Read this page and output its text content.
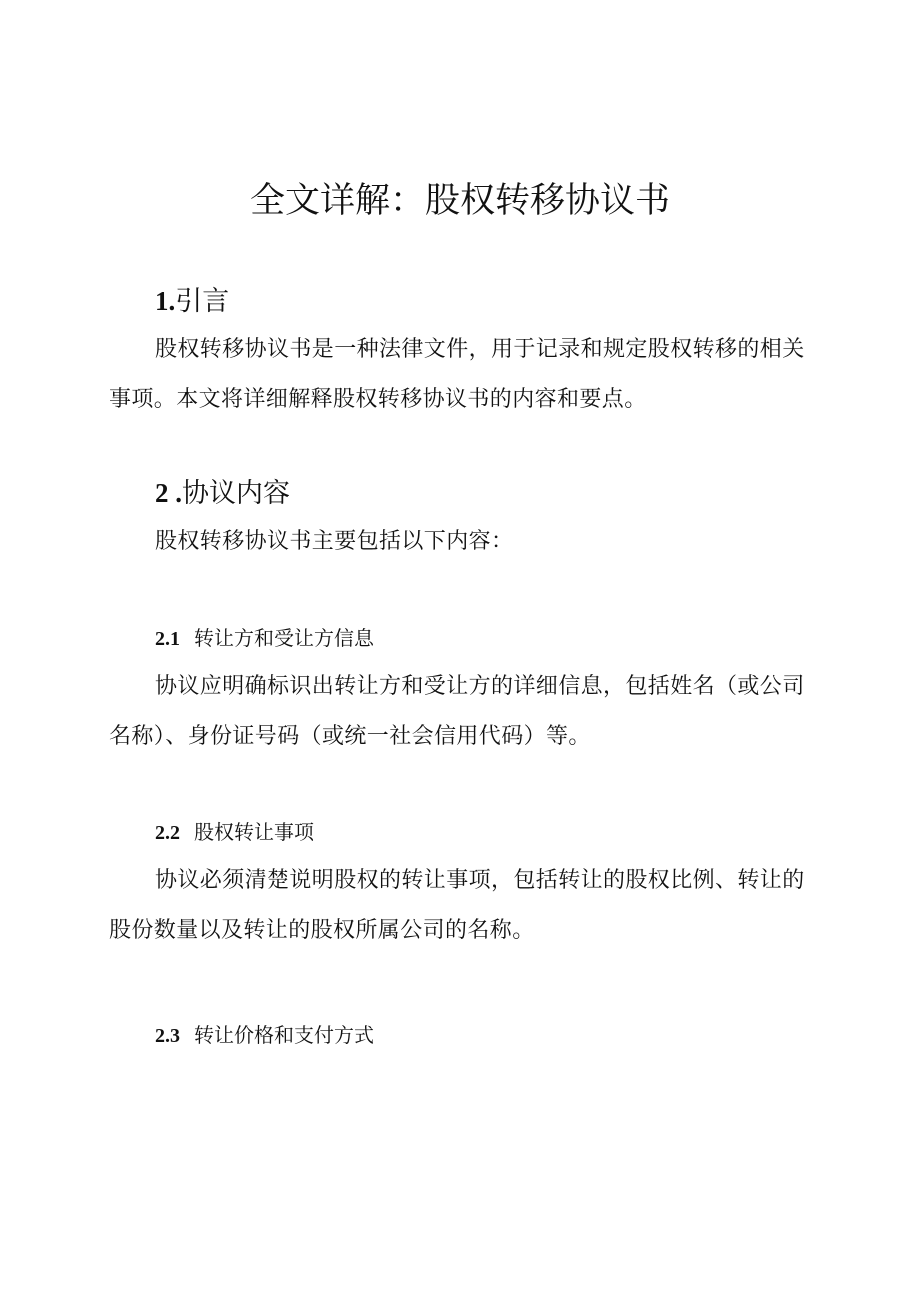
全文详解：股权转移协议书
1.引言

股权转移协议书是一种法律文件，用于记录和规定股权转移的相关事项。本文将详细解释股权转移协议书的内容和要点。

2 .协议内容

股权转移协议书主要包括以下内容：

2.1 转让方和受让方信息

协议应明确标识出转让方和受让方的详细信息，包括姓名（或公司名称）、身份证号码（或统一社会信用代码）等。

2.2 股权转让事项

协议必须清楚说明股权的转让事项，包括转让的股权比例、转让的股份数量以及转让的股权所属公司的名称。

2.3 转让价格和支付方式
